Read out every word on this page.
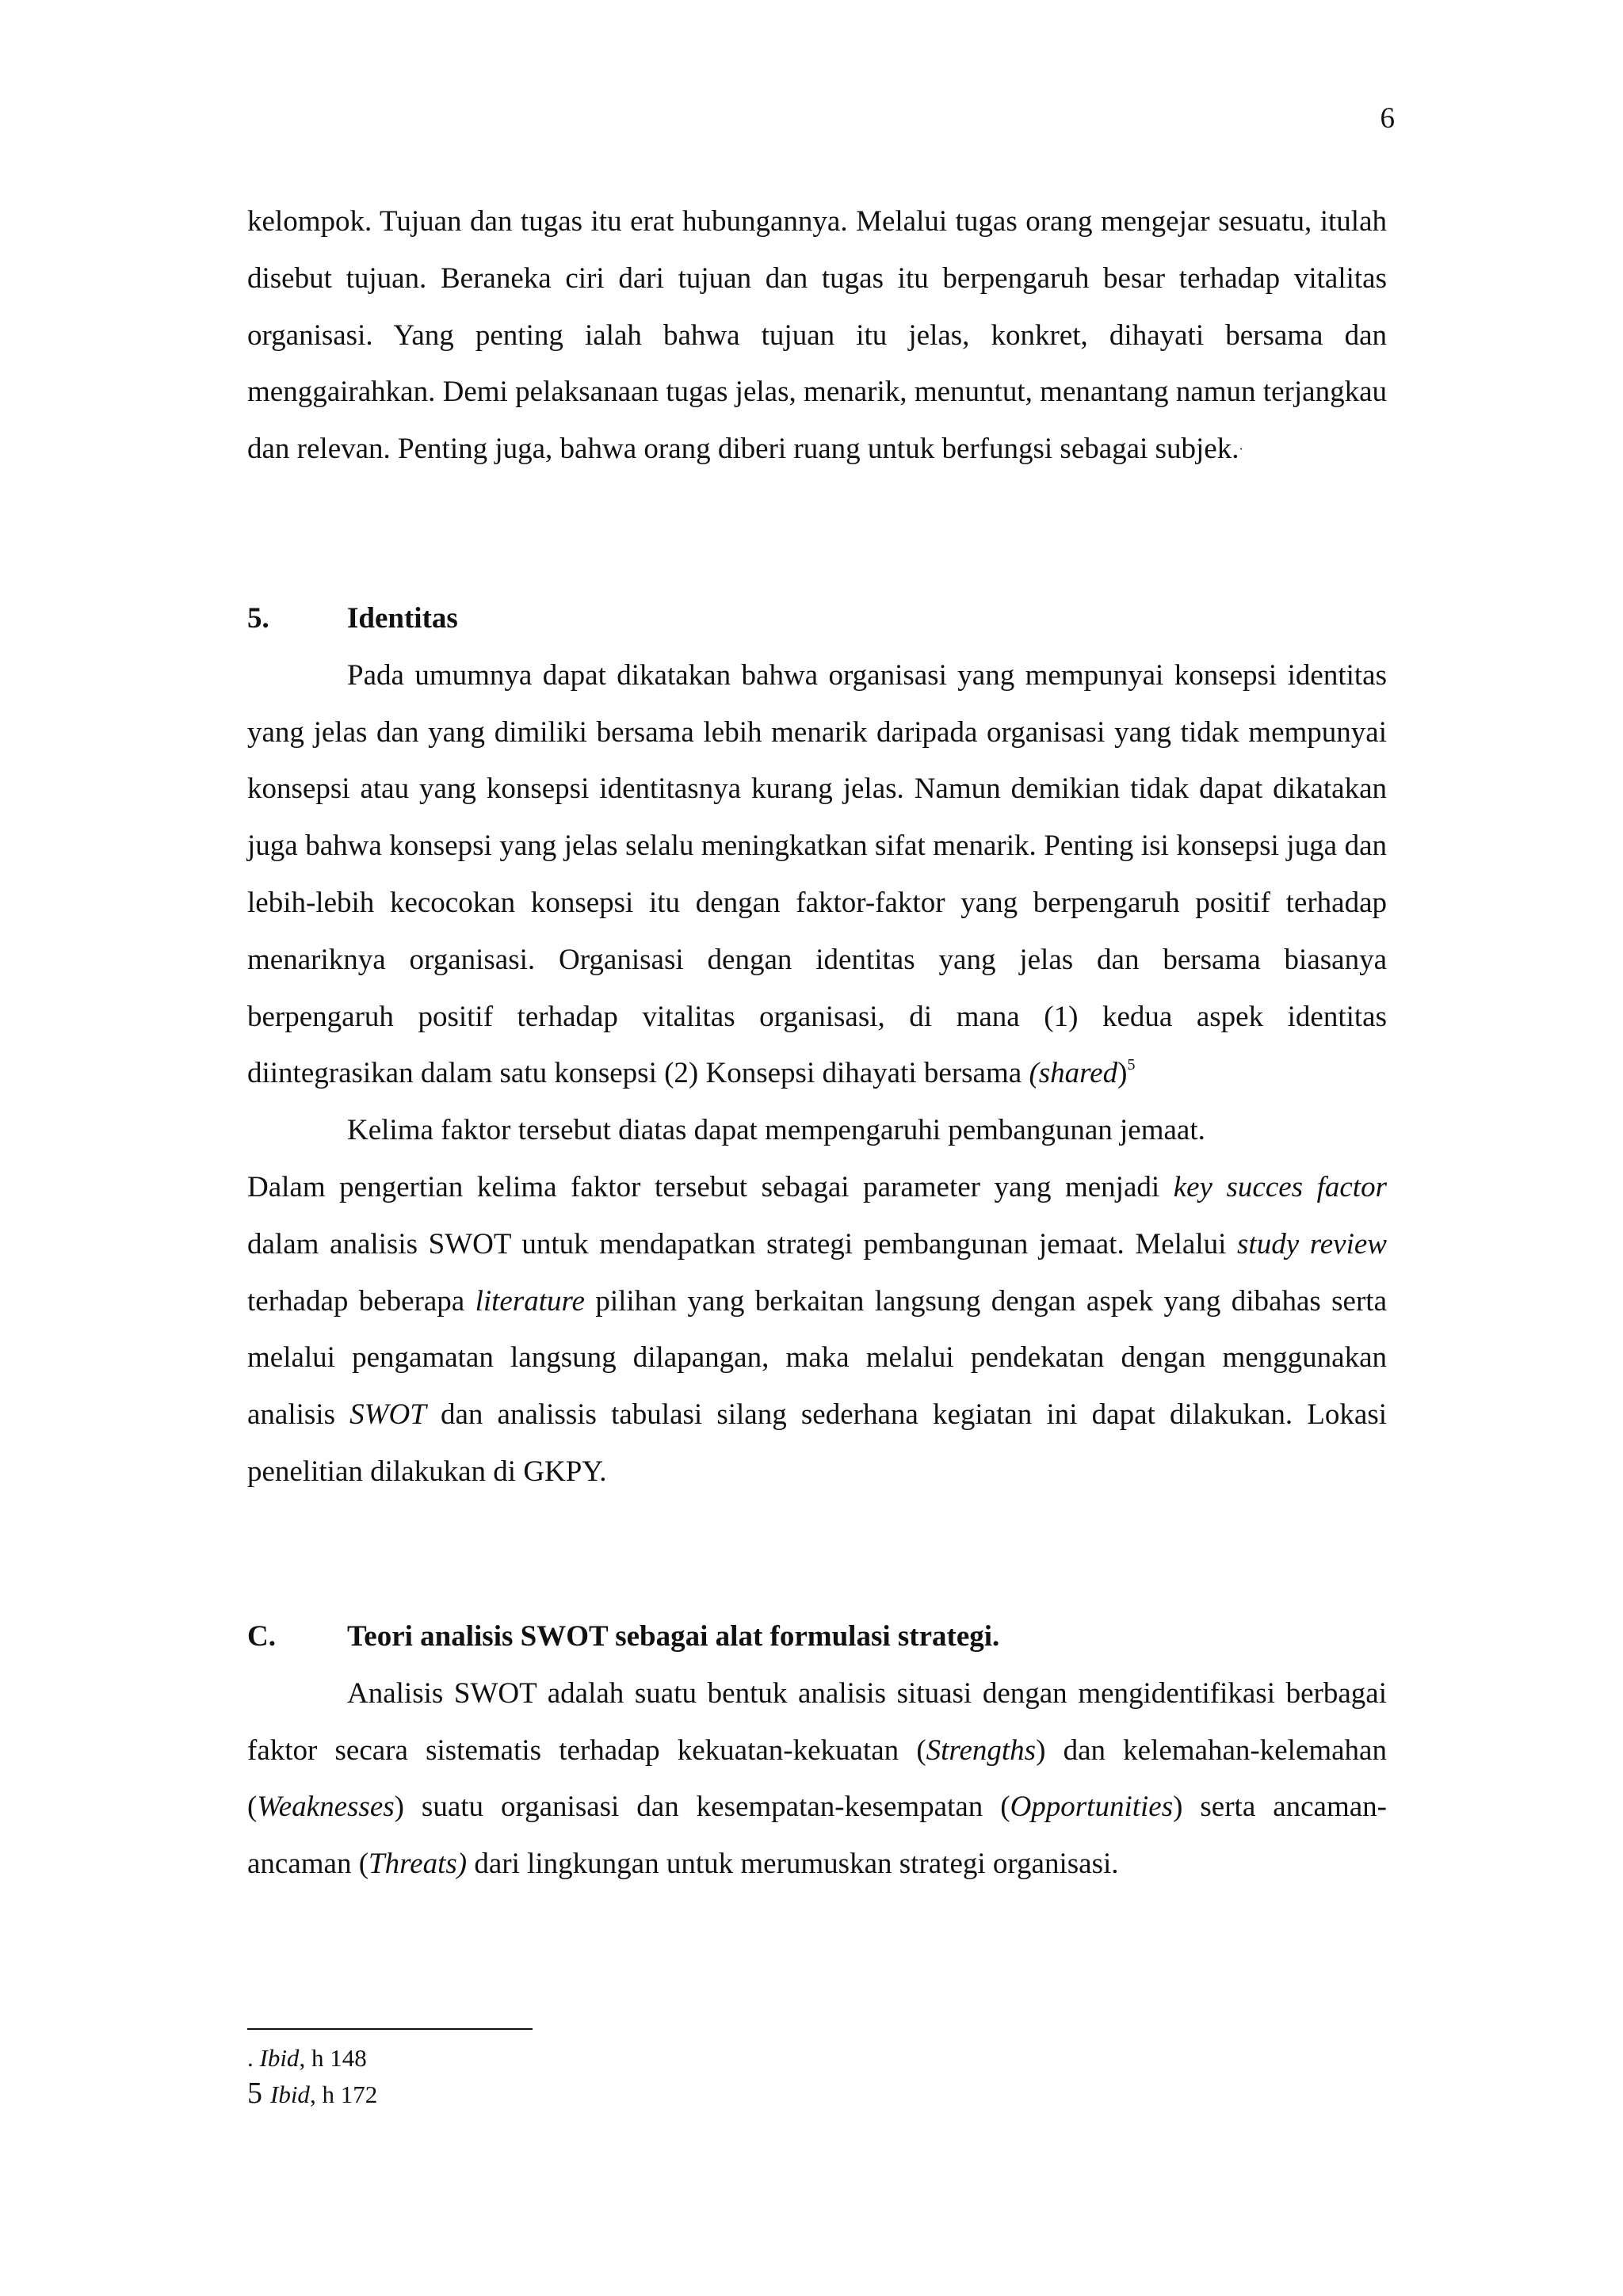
6

kelompok. Tujuan dan tugas itu erat hubungannya. Melalui tugas orang mengejar sesuatu, itulah disebut tujuan. Beraneka ciri dari tujuan dan tugas itu berpengaruh besar terhadap vitalitas organisasi. Yang penting ialah bahwa tujuan itu jelas, konkret, dihayati bersama dan menggairahkan. Demi pelaksanaan tugas jelas, menarik, menuntut, menantang namun terjangkau dan relevan. Penting juga, bahwa orang diberi ruang untuk berfungsi sebagai subjek.·

5.	Identitas

Pada umumnya dapat dikatakan bahwa organisasi yang mempunyai konsepsi identitas yang jelas dan yang dimiliki bersama lebih menarik daripada organisasi yang tidak mempunyai konsepsi atau yang konsepsi identitasnya kurang jelas. Namun demikian tidak dapat dikatakan juga bahwa konsepsi yang jelas selalu meningkatkan sifat menarik. Penting isi konsepsi juga dan lebih-lebih kecocokan konsepsi itu dengan faktor-faktor yang berpengaruh positif terhadap menariknya organisasi. Organisasi dengan identitas yang jelas dan bersama biasanya berpengaruh positif terhadap vitalitas organisasi, di mana (1) kedua aspek identitas diintegrasikan dalam satu konsepsi (2) Konsepsi dihayati bersama (shared)$^5$

Kelima faktor tersebut diatas dapat mempengaruhi pembangunan jemaat.

Dalam pengertian kelima faktor tersebut sebagai parameter yang menjadi key succes factor dalam analisis SWOT untuk mendapatkan strategi pembangunan jemaat. Melalui study review terhadap beberapa literature pilihan yang berkaitan langsung dengan aspek yang dibahas serta melalui pengamatan langsung dilapangan, maka melalui pendekatan dengan menggunakan analisis SWOT dan analissis tabulasi silang sederhana kegiatan ini dapat dilakukan. Lokasi penelitian dilakukan di GKPY.

C.	Teori analisis SWOT sebagai alat formulasi strategi.

Analisis SWOT adalah suatu bentuk analisis situasi dengan mengidentifikasi berbagai faktor secara sistematis terhadap kekuatan-kekuatan (Strengths) dan kelemahan-kelemahan (Weaknesses) suatu organisasi dan kesempatan-kesempatan (Opportunities) serta ancaman-ancaman (Threats) dari lingkungan untuk merumuskan strategi organisasi.

. Ibid, h 148
5 Ibid, h 172
